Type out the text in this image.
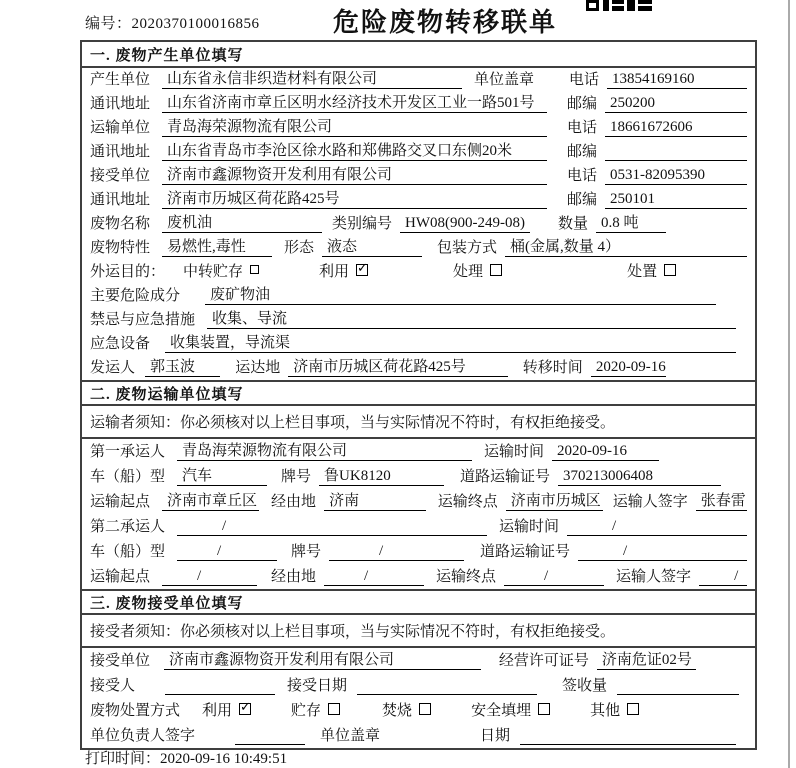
编号：2020370100016856	危险废物转移联单
一. 废物产生单位填写
产生单位	山东省永信非织造材料有限公司	单位盖章 电话 13854169160
通讯地址	山东省济南市章丘区明水经济技术开发区工业一路501号	邮编 250200
运输单位	青岛海荣源物流有限公司	电话 18661672606
通讯地址	山东省青岛市李沧区徐水路和郑佛路交叉口东侧20米	邮编
接受单位	济南市鑫源物资开发利用有限公司	电话 0531-82095390
通讯地址	济南市历城区荷花路425号	邮编 250101
废物名称	废机油	类别编号 HW08(900-249-08)	数量 0.8 吨
废物特性	易燃性,毒性	形态 液态	包装方式 桶(金属,数量 4）
外运目的： 中转贮存	利用 ✓	处理	处置
主要危险成分	废矿物油
禁忌与应急措施	收集、导流
应急设备	收集装置，导流渠
发运人	郭玉波	运达地 济南市历城区荷花路425号	转移时间 2020-09-16
二. 废物运输单位填写
运输者须知：你必须核对以上栏目事项，当与实际情况不符时，有权拒绝接受。
第一承运人	青岛海荣源物流有限公司	运输时间 2020-09-16
车（船）型	汽车	牌号 鲁UK8120	道路运输证号 370213006408
运输起点	济南市章丘区 经由地 济南	运输终点 济南市历城区 运输人签字 张春雷
第二承运人	/	运输时间	/
车（船）型	/	牌号	/	道路运输证号	/
运输起点	/	经由地	/	运输终点	/	运输人签字	/
三. 废物接受单位填写
接受者须知：你必须核对以上栏目事项，当与实际情况不符时，有权拒绝接受。
接受单位	济南市鑫源物资开发利用有限公司	经营许可证号 济南危证02号
接受人	接受日期	签收量
废物处置方式 利用 ✓	贮存	焚烧	安全填埋	其他
单位负责人签字	单位盖章	日期
打印时间：2020-09-16 10:49:51
